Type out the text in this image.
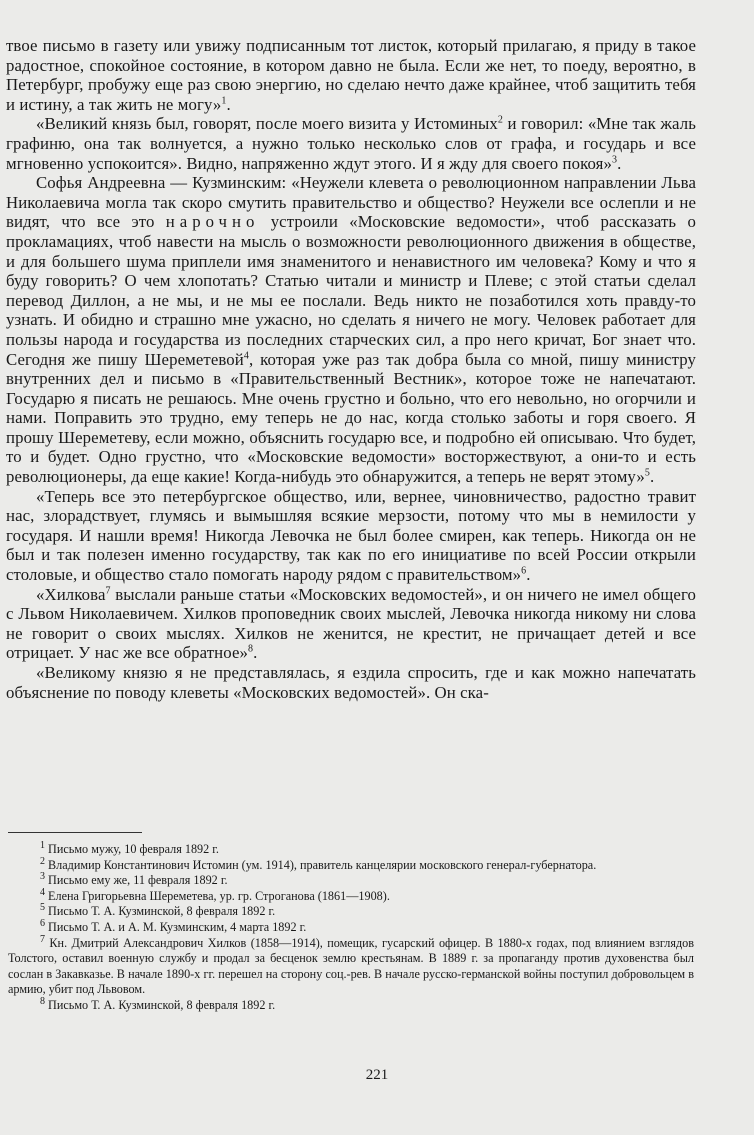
твое письмо в газету или увижу подписанным тот листок, который прилагаю, я приду в такое радостное, спокойное состояние, в котором давно не была. Если же нет, то поеду, вероятно, в Петербург, пробужу еще раз свою энергию, но сделаю нечто даже крайнее, чтоб защитить тебя и истину, а так жить не могу»$^1$.

«Великий князь был, говорят, после моего визита у Истоминых$^2$ и говорил: «Мне так жаль графиню, она так волнуется, а нужно только несколько слов от графа, и государь и все мгновенно успокоится». Видно, напряженно ждут этого. И я жду для своего покоя»$^3$.

Софья Андреевна — Кузминским: «Неужели клевета о революционном направлении Льва Николаевича могла так скоро смутить правительство и общество? Неужели все ослепли и не видят, что все это нарочно устроили «Московские ведомости», чтоб рассказать о прокламациях, чтоб навести на мысль о возможности революционного движения в обществе, и для большего шума приплели имя знаменитого и ненавистного им человека? Кому и что я буду говорить? О чем хлопотать? Статью читали и министр и Плеве; с этой статьи сделал перевод Диллон, а не мы, и не мы ее послали. Ведь никто не позаботился хоть правду-то узнать. И обидно и страшно мне ужасно, но сделать я ничего не могу. Человек работает для пользы народа и государства из последних старческих сил, а про него кричат, Бог знает что. Сегодня же пишу Шереметевой$^4$, которая уже раз так добра была со мной, пишу министру внутренних дел и письмо в «Правительственный Вестник», которое тоже не напечатают. Государю я писать не решаюсь. Мне очень грустно и больно, что его невольно, но огорчили и нами. Поправить это трудно, ему теперь не до нас, когда столько заботы и горя своего. Я прошу Шереметеву, если можно, объяснить государю все, и подробно ей описываю. Что будет, то и будет. Одно грустно, что «Московские ведомости» восторжествуют, а они-то и есть революционеры, да еще какие! Когда-нибудь это обнаружится, а теперь не верят этому»$^5$.

«Теперь все это петербургское общество, или, вернее, чиновничество, радостно травит нас, злорадствует, глумясь и вымышляя всякие мерзости, потому что мы в немилости у государя. И нашли время! Никогда Левочка не был более смирен, как теперь. Никогда он не был и так полезен именно государству, так как по его инициативе по всей России открыли столовые, и общество стало помогать народу рядом с правительством»$^6$.

«Хилкова$^7$ выслали раньше статьи «Московских ведомостей», и он ничего не имел общего с Львом Николаевичем. Хилков проповедник своих мыслей, Левочка никогда никому ни слова не говорит о своих мыслях. Хилков не женится, не крестит, не причащает детей и все отрицает. У нас же все обратное»$^8$.

«Великому князю я не представлялась, я ездила спросить, где и как можно напечатать объяснение по поводу клеветы «Московских ведомостей». Он ска-

$^1$ Письмо мужу, 10 февраля 1892 г.

$^2$ Владимир Константинович Истомин (ум. 1914), правитель канцелярии московского генерал-губернатора.

$^3$ Письмо ему же, 11 февраля 1892 г.

$^4$ Елена Григорьевна Шереметева, ур. гр. Строганова (1861—1908).

$^5$ Письмо Т. А. Кузминской, 8 февраля 1892 г.

$^6$ Письмо Т. А. и А. М. Кузминским, 4 марта 1892 г.

$^7$ Кн. Дмитрий Александрович Хилков (1858—1914), помещик, гусарский офицер. В 1880-х годах, под влиянием взглядов Толстого, оставил военную службу и продал за бесценок землю крестьянам. В 1889 г. за пропаганду против духовенства был сослан в Закавказье. В начале 1890-х гг. перешел на сторону соц.-рев. В начале русско-германской войны поступил добровольцем в армию, убит под Львовом.

$^8$ Письмо Т. А. Кузминской, 8 февраля 1892 г.

221
